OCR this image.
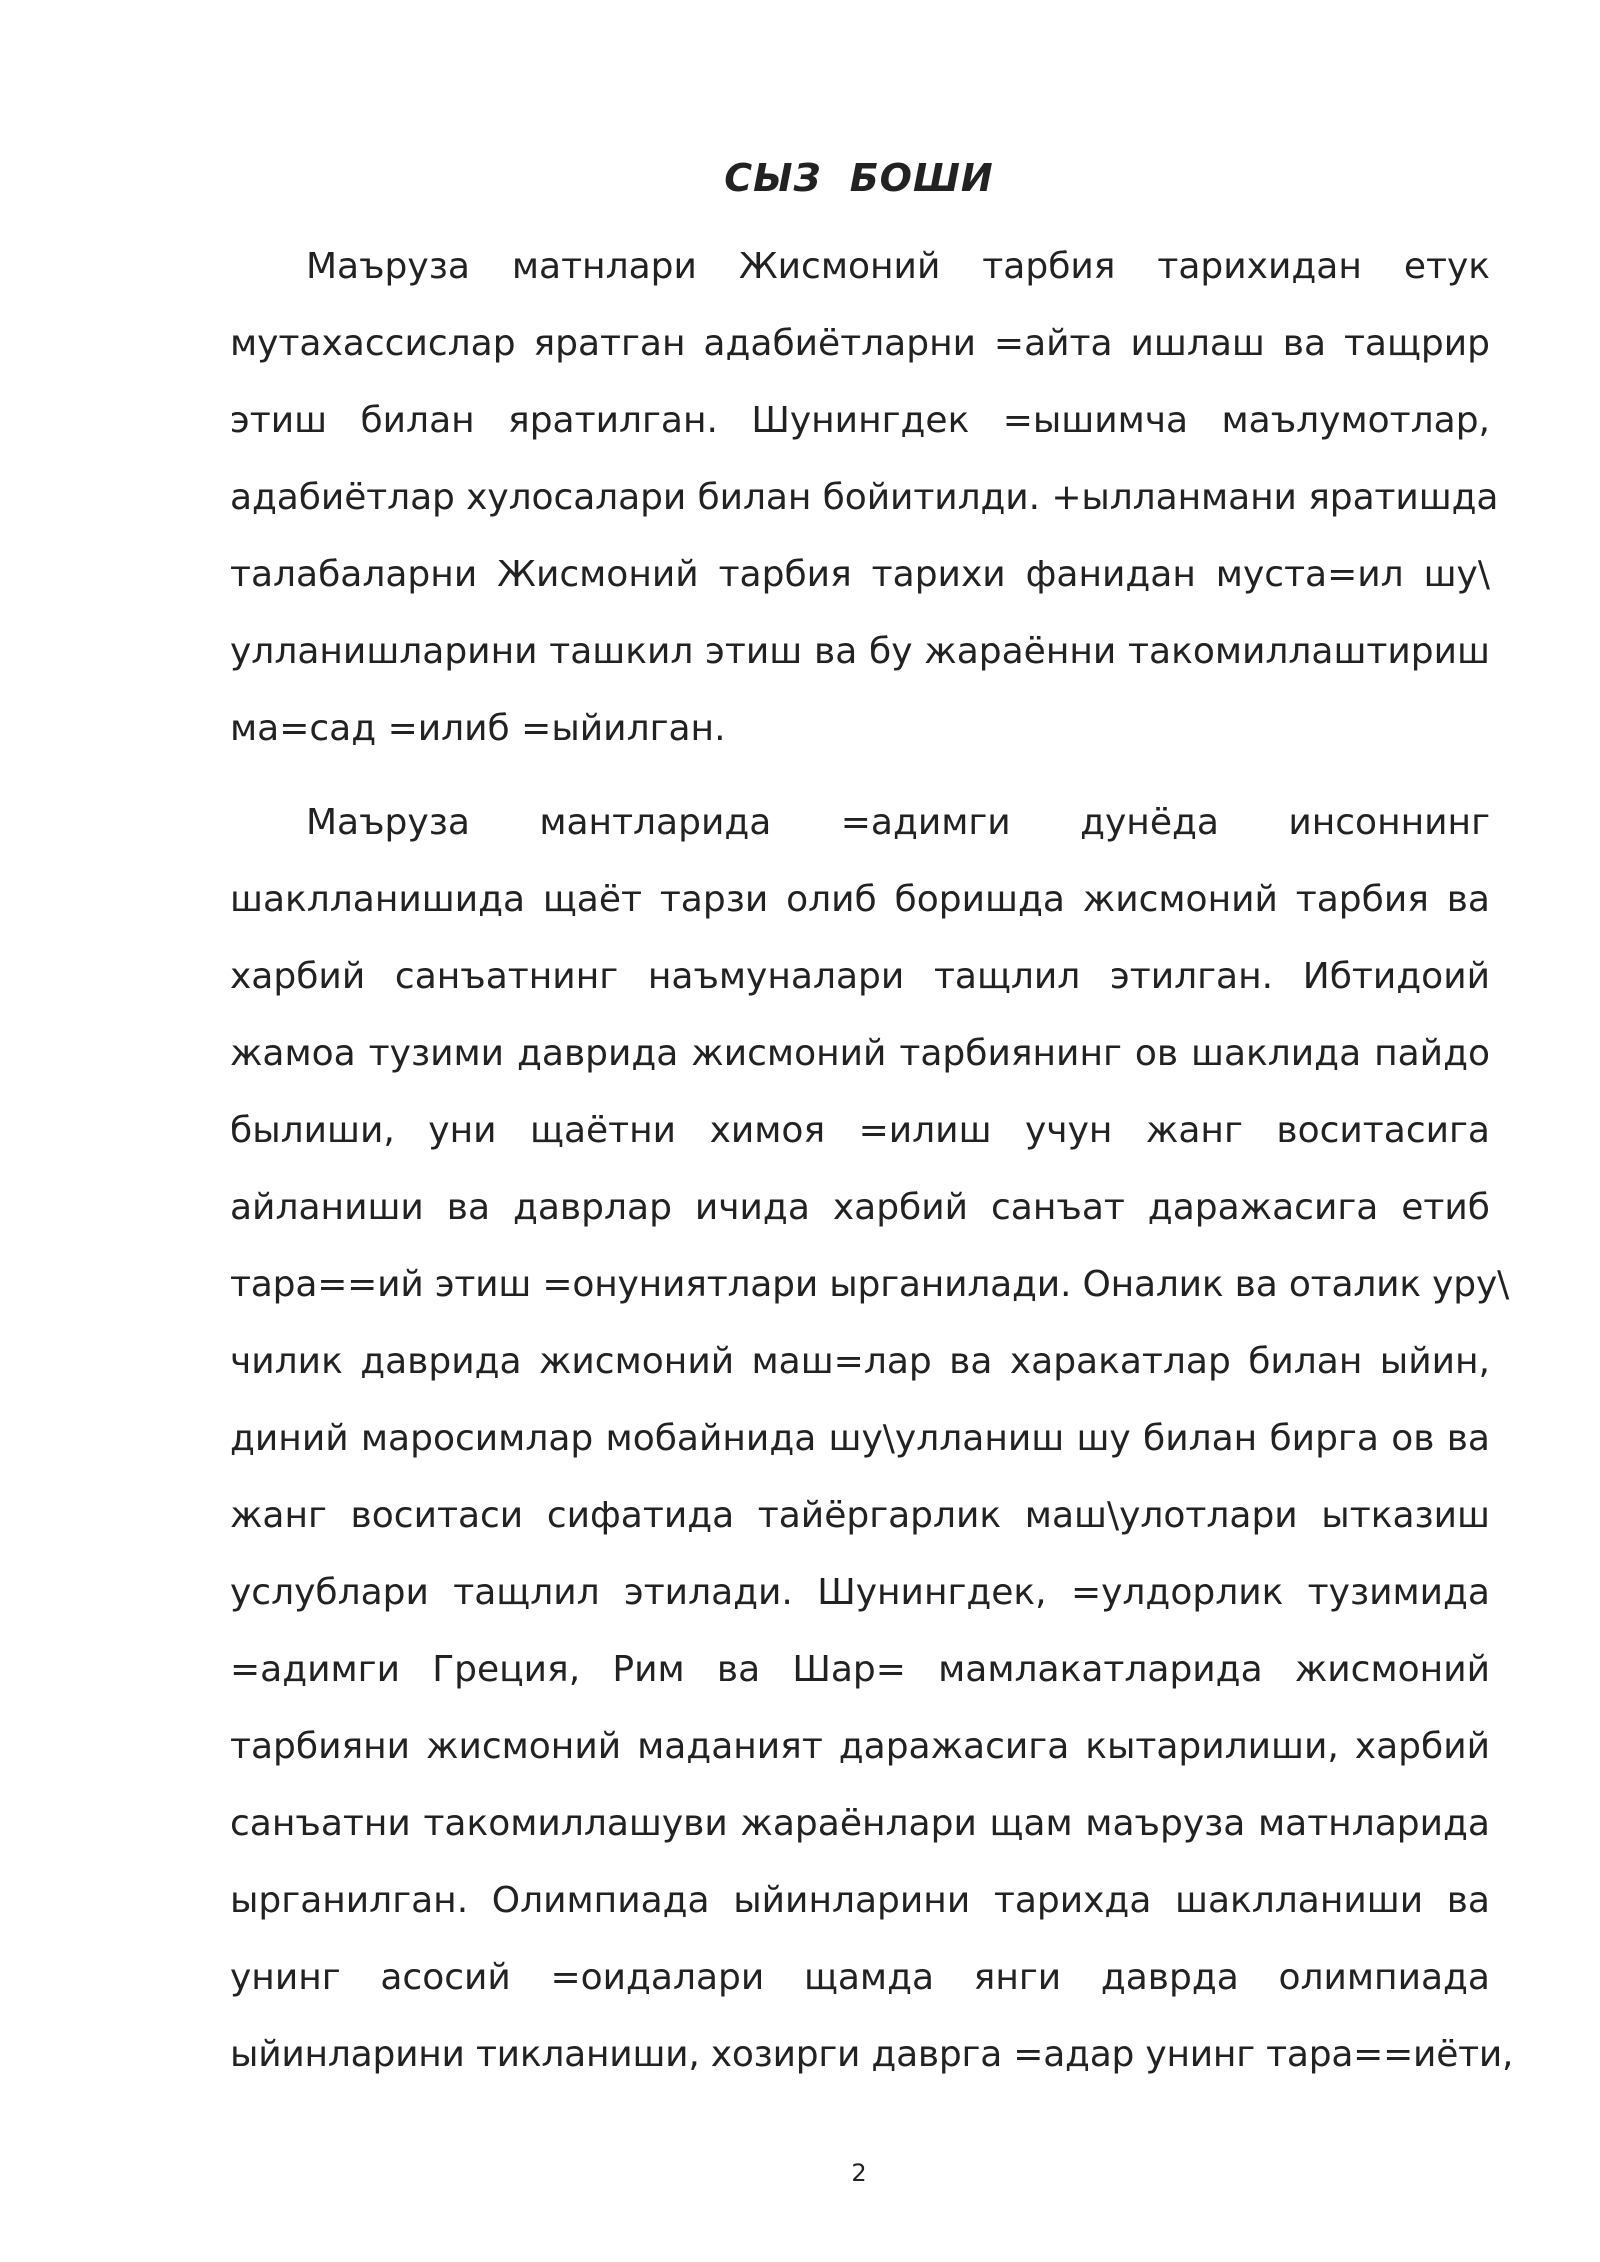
СЫЗ БОШИ

Маъруза матнлари Жисмоний тарбия тарихидан етук
мутахассислар яратган адабиётларни =айта ишлаш ва тащрир
этиш билан яратилган. Шунингдек =ышимча маълумотлар,
адабиётлар хулосалари билан бойитилди. +ылланмани яратишда
талабаларни Жисмоний тарбия тарихи фанидан муста=ил шу\
улланишларини ташкил этиш ва бу жараённи такомиллаштириш
ма=сад =илиб =ыйилган.

Маъруза мантларида =адимги дунёда инсоннинг
шаклланишида щаёт тарзи олиб боришда жисмоний тарбия ва
харбий санъатнинг наъмуналари тащлил этилган. Ибтидоий
жамоа тузими даврида жисмоний тарбиянинг ов шаклида пайдо
былиши, уни щаётни химоя =илиш учун жанг воситасига
айланиши ва даврлар ичида харбий санъат даражасига етиб
тара==ий этиш =онуниятлари ырганилади. Оналик ва оталик уру\
чилик даврида жисмоний маш=лар ва харакатлар билан ыйин,
диний маросимлар мобайнида шу\улланиш шу билан бирга ов ва
жанг воситаси сифатида тайёргарлик маш\улотлари ытказиш
услублари тащлил этилади. Шунингдек, =улдорлик тузимида
=адимги Греция, Рим ва Шар= мамлакатларида жисмоний
тарбияни жисмоний маданият даражасига кытарилиши, харбий
санъатни такомиллашуви жараёнлари щам маъруза матнларида
ырганилган. Олимпиада ыйинларини тарихда шаклланиши ва
унинг асосий =оидалари щамда янги даврда олимпиада
ыйинларини тикланиши, хозирги даврга =адар унинг тара==иёти,

2
